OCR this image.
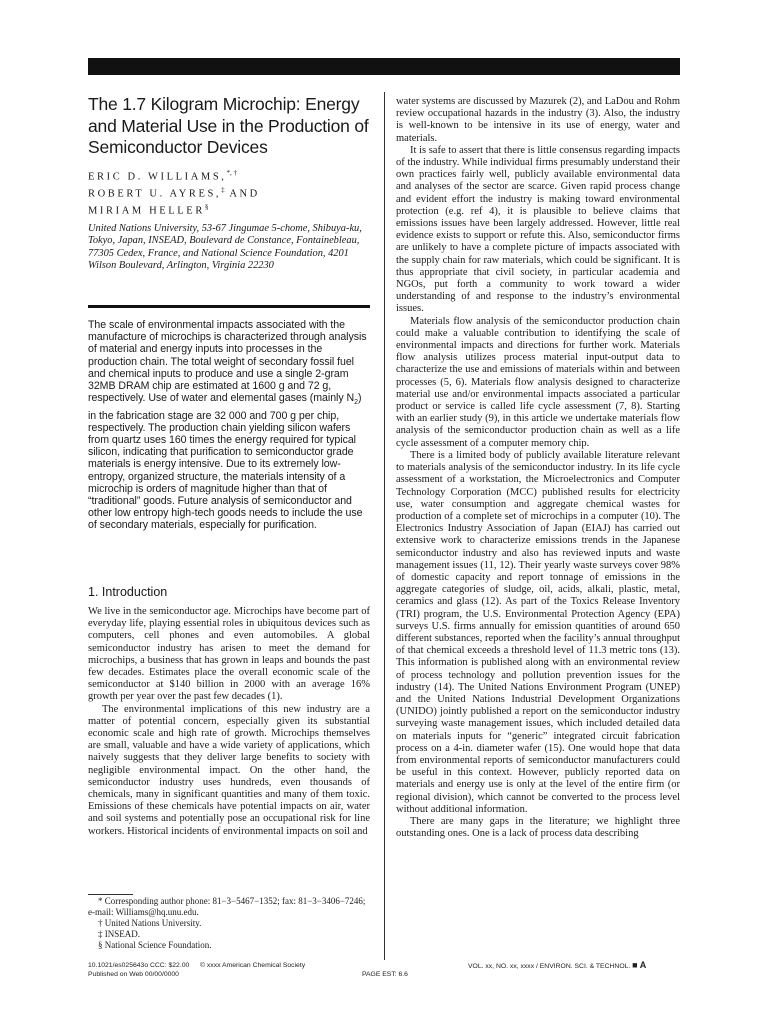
The 1.7 Kilogram Microchip: Energy and Material Use in the Production of Semiconductor Devices
ERIC D. WILLIAMS,*, †
ROBERT U. AYRES,‡ AND
MIRIAM HELLER§
United Nations University, 53-67 Jingumae 5-chome, Shibuya-ku, Tokyo, Japan, INSEAD, Boulevard de Constance, Fontainebleau, 77305 Cedex, France, and National Science Foundation, 4201 Wilson Boulevard, Arlington, Virginia 22230
The scale of environmental impacts associated with the manufacture of microchips is characterized through analysis of material and energy inputs into processes in the production chain. The total weight of secondary fossil fuel and chemical inputs to produce and use a single 2-gram 32MB DRAM chip are estimated at 1600 g and 72 g, respectively. Use of water and elemental gases (mainly $N_2$) in the fabrication stage are 32 000 and 700 g per chip, respectively. The production chain yielding silicon wafers from quartz uses 160 times the energy required for typical silicon, indicating that purification to semiconductor grade materials is energy intensive. Due to its extremely low-entropy, organized structure, the materials intensity of a microchip is orders of magnitude higher than that of “traditional” goods. Future analysis of semiconductor and other low entropy high-tech goods needs to include the use of secondary materials, especially for purification.
1. Introduction

We live in the semiconductor age. Microchips have become part of everyday life, playing essential roles in ubiquitous devices such as computers, cell phones and even automobiles. A global semiconductor industry has arisen to meet the demand for microchips, a business that has grown in leaps and bounds the past few decades. Estimates place the overall economic scale of the semiconductor at $140 billion in 2000 with an average 16% growth per year over the past few decades (1).

The environmental implications of this new industry are a matter of potential concern, especially given its substantial economic scale and high rate of growth. Microchips themselves are small, valuable and have a wide variety of applications, which naively suggests that they deliver large benefits to society with negligible environmental impact. On the other hand, the semiconductor industry uses hundreds, even thousands of chemicals, many in significant quantities and many of them toxic. Emissions of these chemicals have potential impacts on air, water and soil systems and potentially pose an occupational risk for line workers. Historical incidents of environmental impacts on soil and

* Corresponding author phone: 81−3−5467−1352; fax: 81−3−3406−7246; e-mail: Williams@hq.unu.edu.
† United Nations University.
‡ INSEAD.
§ National Science Foundation.

water systems are discussed by Mazurek (2), and LaDou and Rohm review occupational hazards in the industry (3). Also, the industry is well-known to be intensive in its use of energy, water and materials.

It is safe to assert that there is little consensus regarding impacts of the industry. While individual firms presumably understand their own practices fairly well, publicly available environmental data and analyses of the sector are scarce. Given rapid process change and evident effort the industry is making toward environmental protection (e.g. ref 4), it is plausible to believe claims that emissions issues have been largely addressed. However, little real evidence exists to support or refute this. Also, semiconductor firms are unlikely to have a complete picture of impacts associated with the supply chain for raw materials, which could be significant. It is thus appropriate that civil society, in particular academia and NGOs, put forth a community to work toward a wider understanding of and response to the industry’s environmental issues.

Materials flow analysis of the semiconductor production chain could make a valuable contribution to identifying the scale of environmental impacts and directions for further work. Materials flow analysis utilizes process material input-output data to characterize the use and emissions of materials within and between processes (5, 6). Materials flow analysis designed to characterize material use and/or environmental impacts associated a particular product or service is called life cycle assessment (7, 8). Starting with an earlier study (9), in this article we undertake materials flow analysis of the semiconductor production chain as well as a life cycle assessment of a computer memory chip.

There is a limited body of publicly available literature relevant to materials analysis of the semiconductor industry. In its life cycle assessment of a workstation, the Microelectronics and Computer Technology Corporation (MCC) published results for electricity use, water consumption and aggregate chemical wastes for production of a complete set of microchips in a computer (10). The Electronics Industry Association of Japan (EIAJ) has carried out extensive work to characterize emissions trends in the Japanese semiconductor industry and also has reviewed inputs and waste management issues (11, 12). Their yearly waste surveys cover 98% of domestic capacity and report tonnage of emissions in the aggregate categories of sludge, oil, acids, alkali, plastic, metal, ceramics and glass (12). As part of the Toxics Release Inventory (TRI) program, the U.S. Environmental Protection Agency (EPA) surveys U.S. firms annually for emission quantities of around 650 different substances, reported when the facility’s annual throughput of that chemical exceeds a threshold level of 11.3 metric tons (13). This information is published along with an environmental review of process technology and pollution prevention issues for the industry (14). The United Nations Environment Program (UNEP) and the United Nations Industrial Development Organizations (UNIDO) jointly published a report on the semiconductor industry surveying waste management issues, which included detailed data on materials inputs for “generic” integrated circuit fabrication process on a 4-in. diameter wafer (15). One would hope that data from environmental reports of semiconductor manufacturers could be useful in this context. However, publicly reported data on materials and energy use is only at the level of the entire firm (or regional division), which cannot be converted to the process level without additional information.

There are many gaps in the literature; we highlight three outstanding ones. One is a lack of process data describing

10.1021/es025643o CCC: $22.00
Published on Web 00/00/0000
© xxxx American Chemical Society
PAGE EST: 6.6
VOL. xx, NO. xx, xxxx / ENVIRON. SCI. & TECHNOL. ■ A
